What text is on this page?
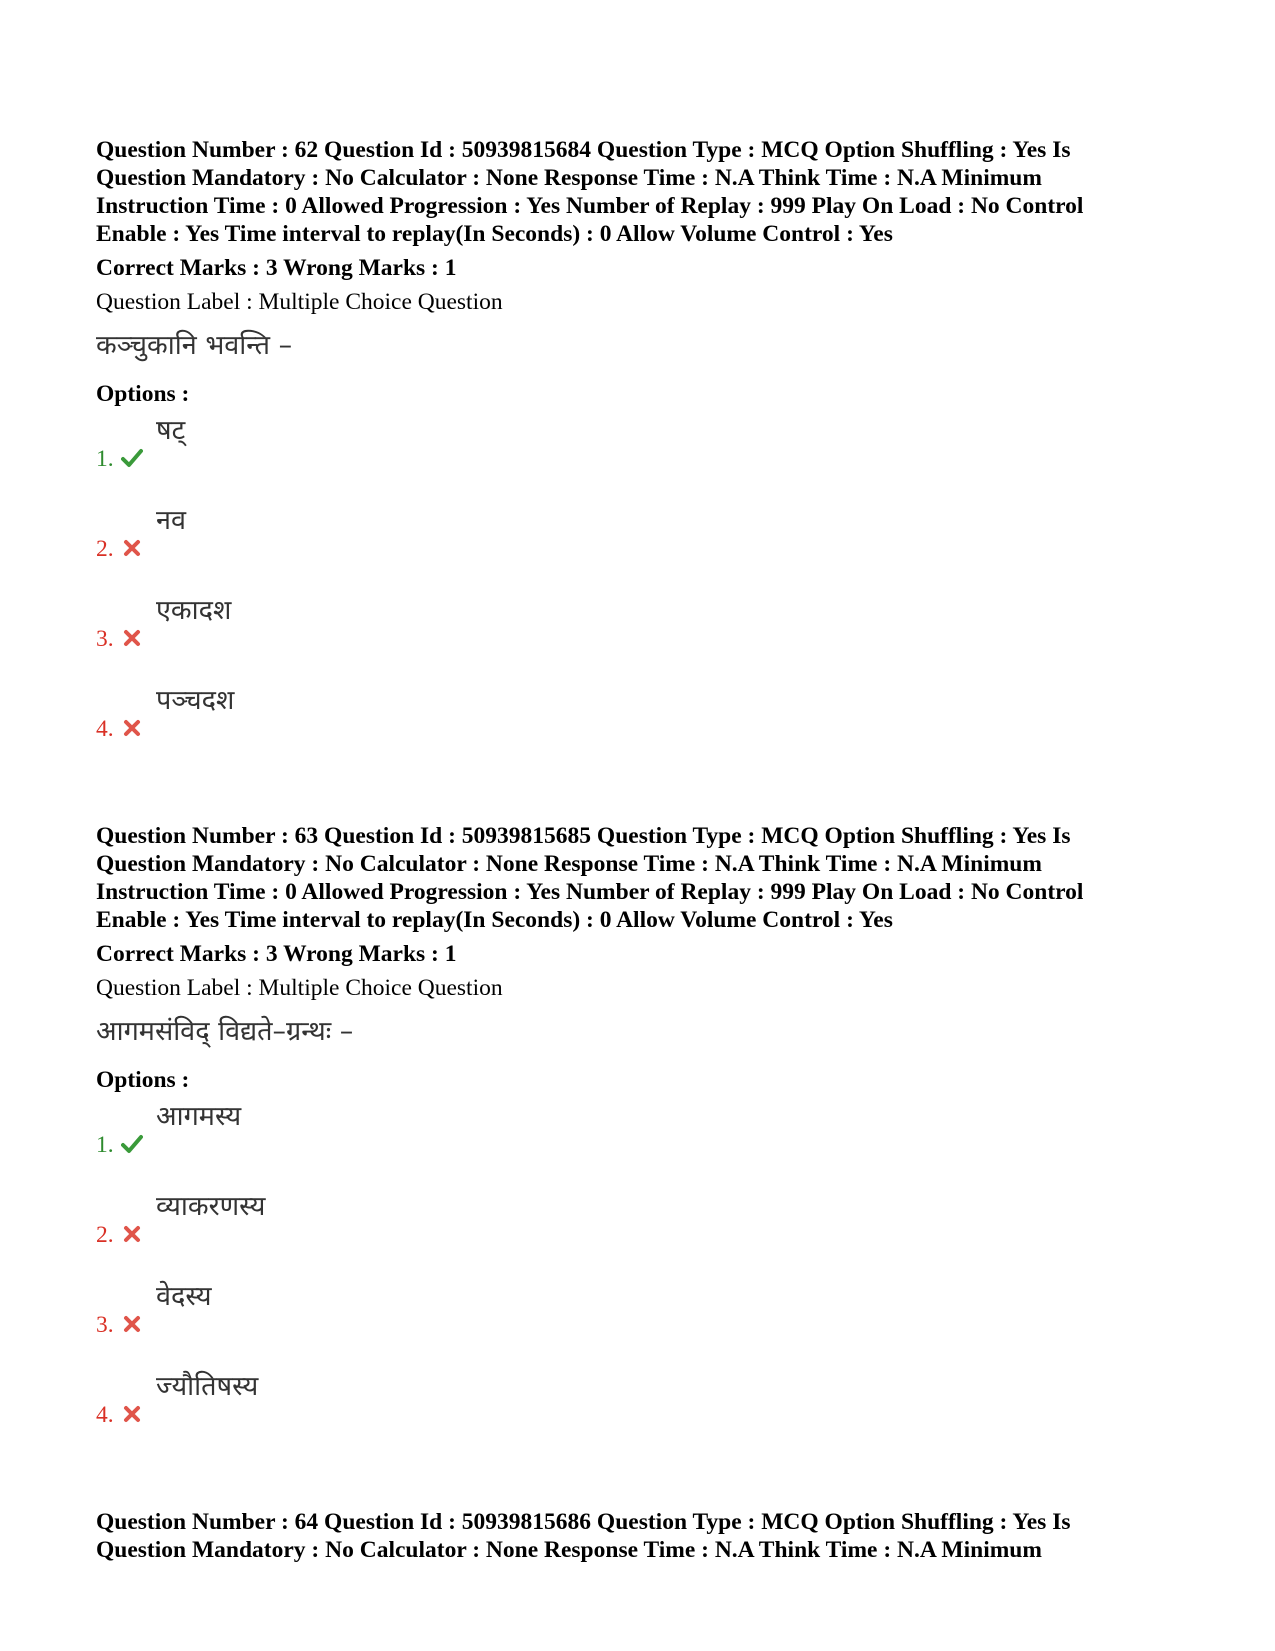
Question Number : 62 Question Id : 50939815684 Question Type : MCQ Option Shuffling : Yes Is
Question Mandatory : No Calculator : None Response Time : N.A Think Time : N.A Minimum
Instruction Time : 0 Allowed Progression : Yes Number of Replay : 999 Play On Load : No Control
Enable : Yes Time interval to replay(In Seconds) : 0 Allow Volume Control : Yes
Correct Marks : 3 Wrong Marks : 1
Question Label : Multiple Choice Question
कञ्चुकानि भवन्ति –
Options :
1.
षट्
2.
नव
3.
एकादश
4.
पञ्चदश
Question Number : 63 Question Id : 50939815685 Question Type : MCQ Option Shuffling : Yes Is
Question Mandatory : No Calculator : None Response Time : N.A Think Time : N.A Minimum
Instruction Time : 0 Allowed Progression : Yes Number of Replay : 999 Play On Load : No Control
Enable : Yes Time interval to replay(In Seconds) : 0 Allow Volume Control : Yes
Correct Marks : 3 Wrong Marks : 1
Question Label : Multiple Choice Question
आगमसंविद् विद्यते–ग्रन्थः –
Options :
1.
आगमस्य
2.
व्याकरणस्य
3.
वेदस्य
4.
ज्यौतिषस्य
Question Number : 64 Question Id : 50939815686 Question Type : MCQ Option Shuffling : Yes Is
Question Mandatory : No Calculator : None Response Time : N.A Think Time : N.A Minimum
